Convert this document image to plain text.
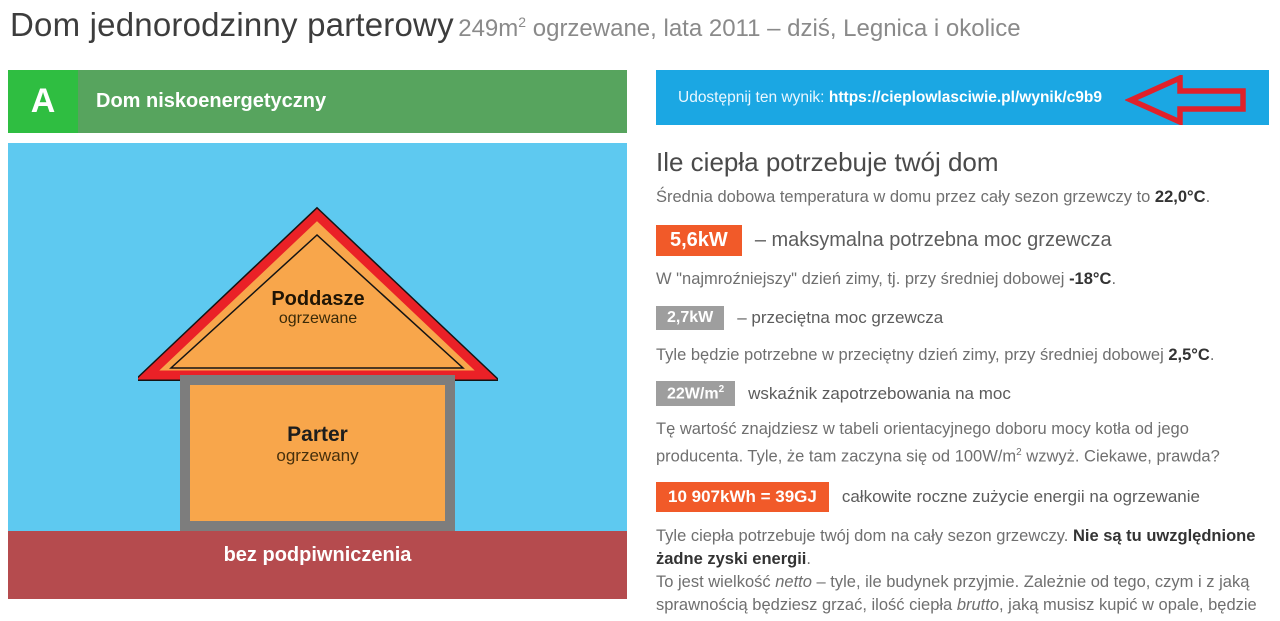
Dom jednorodzinny parterowy $249m^2$ ogrzewane, lata 2011 – dziś, Legnica i okolice
A	Dom niskoenergetyczny
Poddasze
ogrzewane
Parter
ogrzewany
bez podpiwniczenia
Udostępnij ten wynik:
https://cieplowlasciwie.pl/wynik/c9b9
Ile ciepła potrzebuje twój dom

Średnia dobowa temperatura w domu przez cały sezon grzewczy to 22,0°C.

5,6kW	– maksymalna potrzebna moc grzewcza

W "najmroźniejszy" dzień zimy, tj. przy średniej dobowej -18°C.

2,7kW	– przeciętna moc grzewcza

Tyle będzie potrzebne w przeciętny dzień zimy, przy średniej dobowej 2,5°C.

$22W/m^2$	wskaźnik zapotrzebowania na moc

Tę wartość znajdziesz w tabeli orientacyjnego doboru mocy kotła od jego producenta. Tyle, że tam zaczyna się od $100W/m^2$ wzwyż. Ciekawe, prawda?

10 907kWh = 39GJ	całkowite roczne zużycie energii na ogrzewanie

Tyle ciepła potrzebuje twój dom na cały sezon grzewczy. Nie są tu uwzględnione żadne zyski energii.

To jest wielkość netto – tyle, ile budynek przyjmie. Zależnie od tego, czym i z jaką sprawnością będziesz grzać, ilość ciepła brutto, jaką musisz kupić w opale, będzie
